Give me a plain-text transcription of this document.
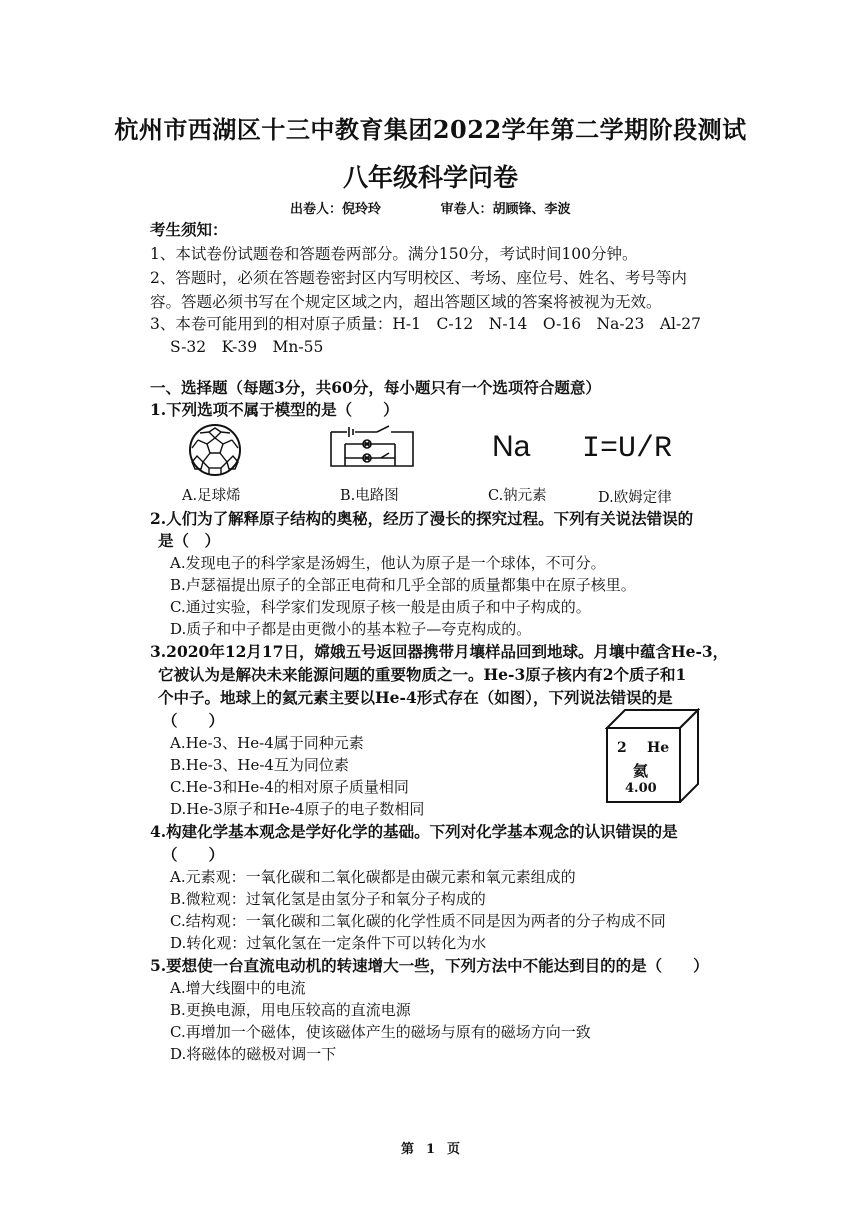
杭州市西湖区十三中教育集团2022学年第二学期阶段测试
八年级科学问卷
出卷人：倪玲玲	审卷人：胡顾锋、李波
考生须知：
1、本试卷份试题卷和答题卷两部分。满分150分，考试时间100分钟。
2、答题时，必须在答题卷密封区内写明校区、考场、座位号、姓名、考号等内
容。答题必须书写在个规定区域之内，超出答题区域的答案将被视为无效。
3、本卷可能用到的相对原子质量：H-1　C-12　N-14　O-16　Na-23　Al-27
S-32　K-39　Mn-55
一、选择题（每题3分，共60分，每小题只有一个选项符合题意）
1.下列选项不属于模型的是（　　）
Na I=U/R
A.足球烯	B.电路图	C.钠元素	D.欧姆定律
2.人们为了解释原子结构的奥秘，经历了漫长的探究过程。下列有关说法错误的
是（　）
A.发现电子的科学家是汤姆生，他认为原子是一个球体，不可分。
B.卢瑟福提出原子的全部正电荷和几乎全部的质量都集中在原子核里。
C.通过实验，科学家们发现原子核一般是由质子和中子构成的。
D.质子和中子都是由更微小的基本粒子—夸克构成的。
3.2020年12月17日，嫦娥五号返回器携带月壤样品回到地球。月壤中蕴含He-3，
它被认为是解决未来能源问题的重要物质之一。He-3原子核内有2个质子和1
个中子。地球上的氦元素主要以He-4形式存在（如图），下列说法错误的是
（　　）
A.He-3、He-4属于同种元素
B.He-3、He-4互为同位素
C.He-3和He-4的相对原子质量相同
D.He-3原子和He-4原子的电子数相同
2 He
氦
4.00
4.构建化学基本观念是学好化学的基础。下列对化学基本观念的认识错误的是
（　　）
A.元素观：一氧化碳和二氧化碳都是由碳元素和氧元素组成的
B.微粒观：过氧化氢是由氢分子和氧分子构成的
C.结构观：一氧化碳和二氧化碳的化学性质不同是因为两者的分子构成不同
D.转化观：过氧化氢在一定条件下可以转化为水
5.要想使一台直流电动机的转速增大一些，下列方法中不能达到目的的是（　　）
A.增大线圈中的电流
B.更换电源，用电压较高的直流电源
C.再增加一个磁体，使该磁体产生的磁场与原有的磁场方向一致
D.将磁体的磁极对调一下
第 1 页
